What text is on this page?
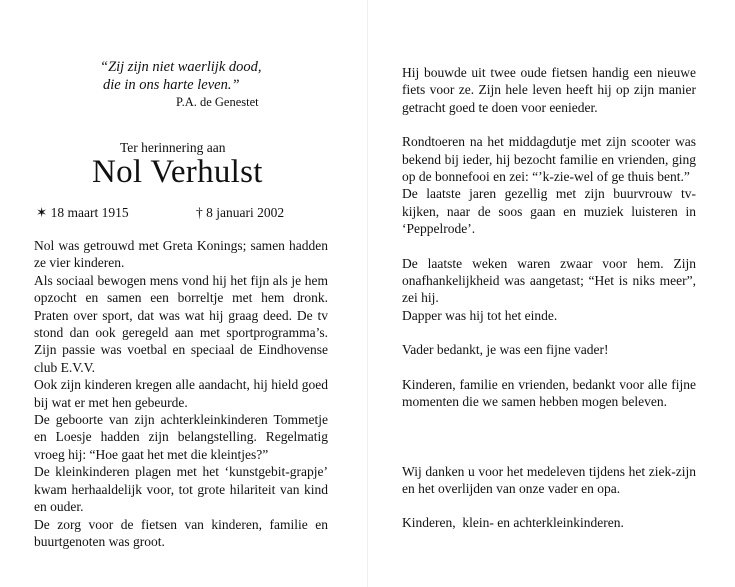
“Zij zijn niet waerlijk dood,
die in ons harte leven.”
P.A. de Genestet
Ter herinnering aan
Nol Verhulst
✶ 18 maart 1915	† 8 januari 2002

Nol was getrouwd met Greta Konings; samen hadden ze vier kinderen.

Als sociaal bewogen mens vond hij het fijn als je hem opzocht en samen een borreltje met hem dronk. Praten over sport, dat was wat hij graag deed. De tv stond dan ook geregeld aan met sportprogramma’s. Zijn passie was voetbal en speciaal de Eindhovense club E.V.V.

Ook zijn kinderen kregen alle aandacht, hij hield goed bij wat er met hen gebeurde.

De geboorte van zijn achterkleinkinderen Tommetje en Loesje hadden zijn belangstelling. Regelmatig vroeg hij: “Hoe gaat het met die kleintjes?”

De kleinkinderen plagen met het ‘kunstgebit-grapje’ kwam herhaaldelijk voor, tot grote hilariteit van kind en ouder.

De zorg voor de fietsen van kinderen, familie en buurtgenoten was groot.

Hij bouwde uit twee oude fietsen handig een nieuwe fiets voor ze. Zijn hele leven heeft hij op zijn manier getracht goed te doen voor eenieder.

Rondtoeren na het middagdutje met zijn scooter was bekend bij ieder, hij bezocht familie en vrienden, ging op de bonnefooi en zei: “’k-zie-wel of ge thuis bent.”

De laatste jaren gezellig met zijn buurvrouw tv-kijken, naar de soos gaan en muziek luisteren in ‘Peppelrode’.

De laatste weken waren zwaar voor hem. Zijn onafhankelijkheid was aangetast; “Het is niks meer”, zei hij.

Dapper was hij tot het einde.

Vader bedankt, je was een fijne vader!

Kinderen, familie en vrienden, bedankt voor alle fijne momenten die we samen hebben mogen beleven.

Wij danken u voor het medeleven tijdens het ziek-zijn en het overlijden van onze vader en opa.

Kinderen,  klein- en achterkleinkinderen.
